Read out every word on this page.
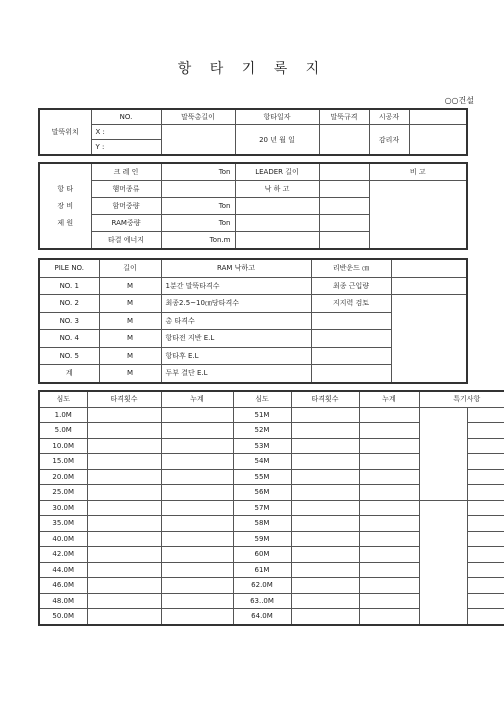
항 타 기 록 지
○○건설
말뚝위치	NO.	말뚝총길이	항타일자	말뚝규격	시공자	
	X :		20 년 월 일		감리자	
	Y :					
항 타
장 비
제 원	크 레 인	Ton	LEADER 길이		비 고
	햄머종류		낙 하 고		
	함머중량	Ton			
	RAM중량	Ton			
	타결 에너지	Ton.m			
PILE NO.	길이	RAM 낙하고	리반운드 ㎝	
NO. 1	M	1분간 말뚝타격수	최종 근입량	
NO. 2	M	최종2.5~10㎝당타격수	지지력 검토	
NO. 3	M	총 타격수		
NO. 4	M	항타전 지반 E.L		
NO. 5	M	항타후 E.L		
계	M	두부 결단 E.L		
심도	타격횟수	누계	심도	타격횟수	누계	특기사항	
1.0M			51M				
5.0M			52M				
10.0M			53M				
15.0M			54M				
20.0M			55M				
25.0M			56M				
30.0M			57M				
35.0M			58M				
40.0M			59M				
42.0M			60M				
44.0M			61M				
46.0M			62.0M				
48.0M			63..0M				
50.0M			64.0M				
